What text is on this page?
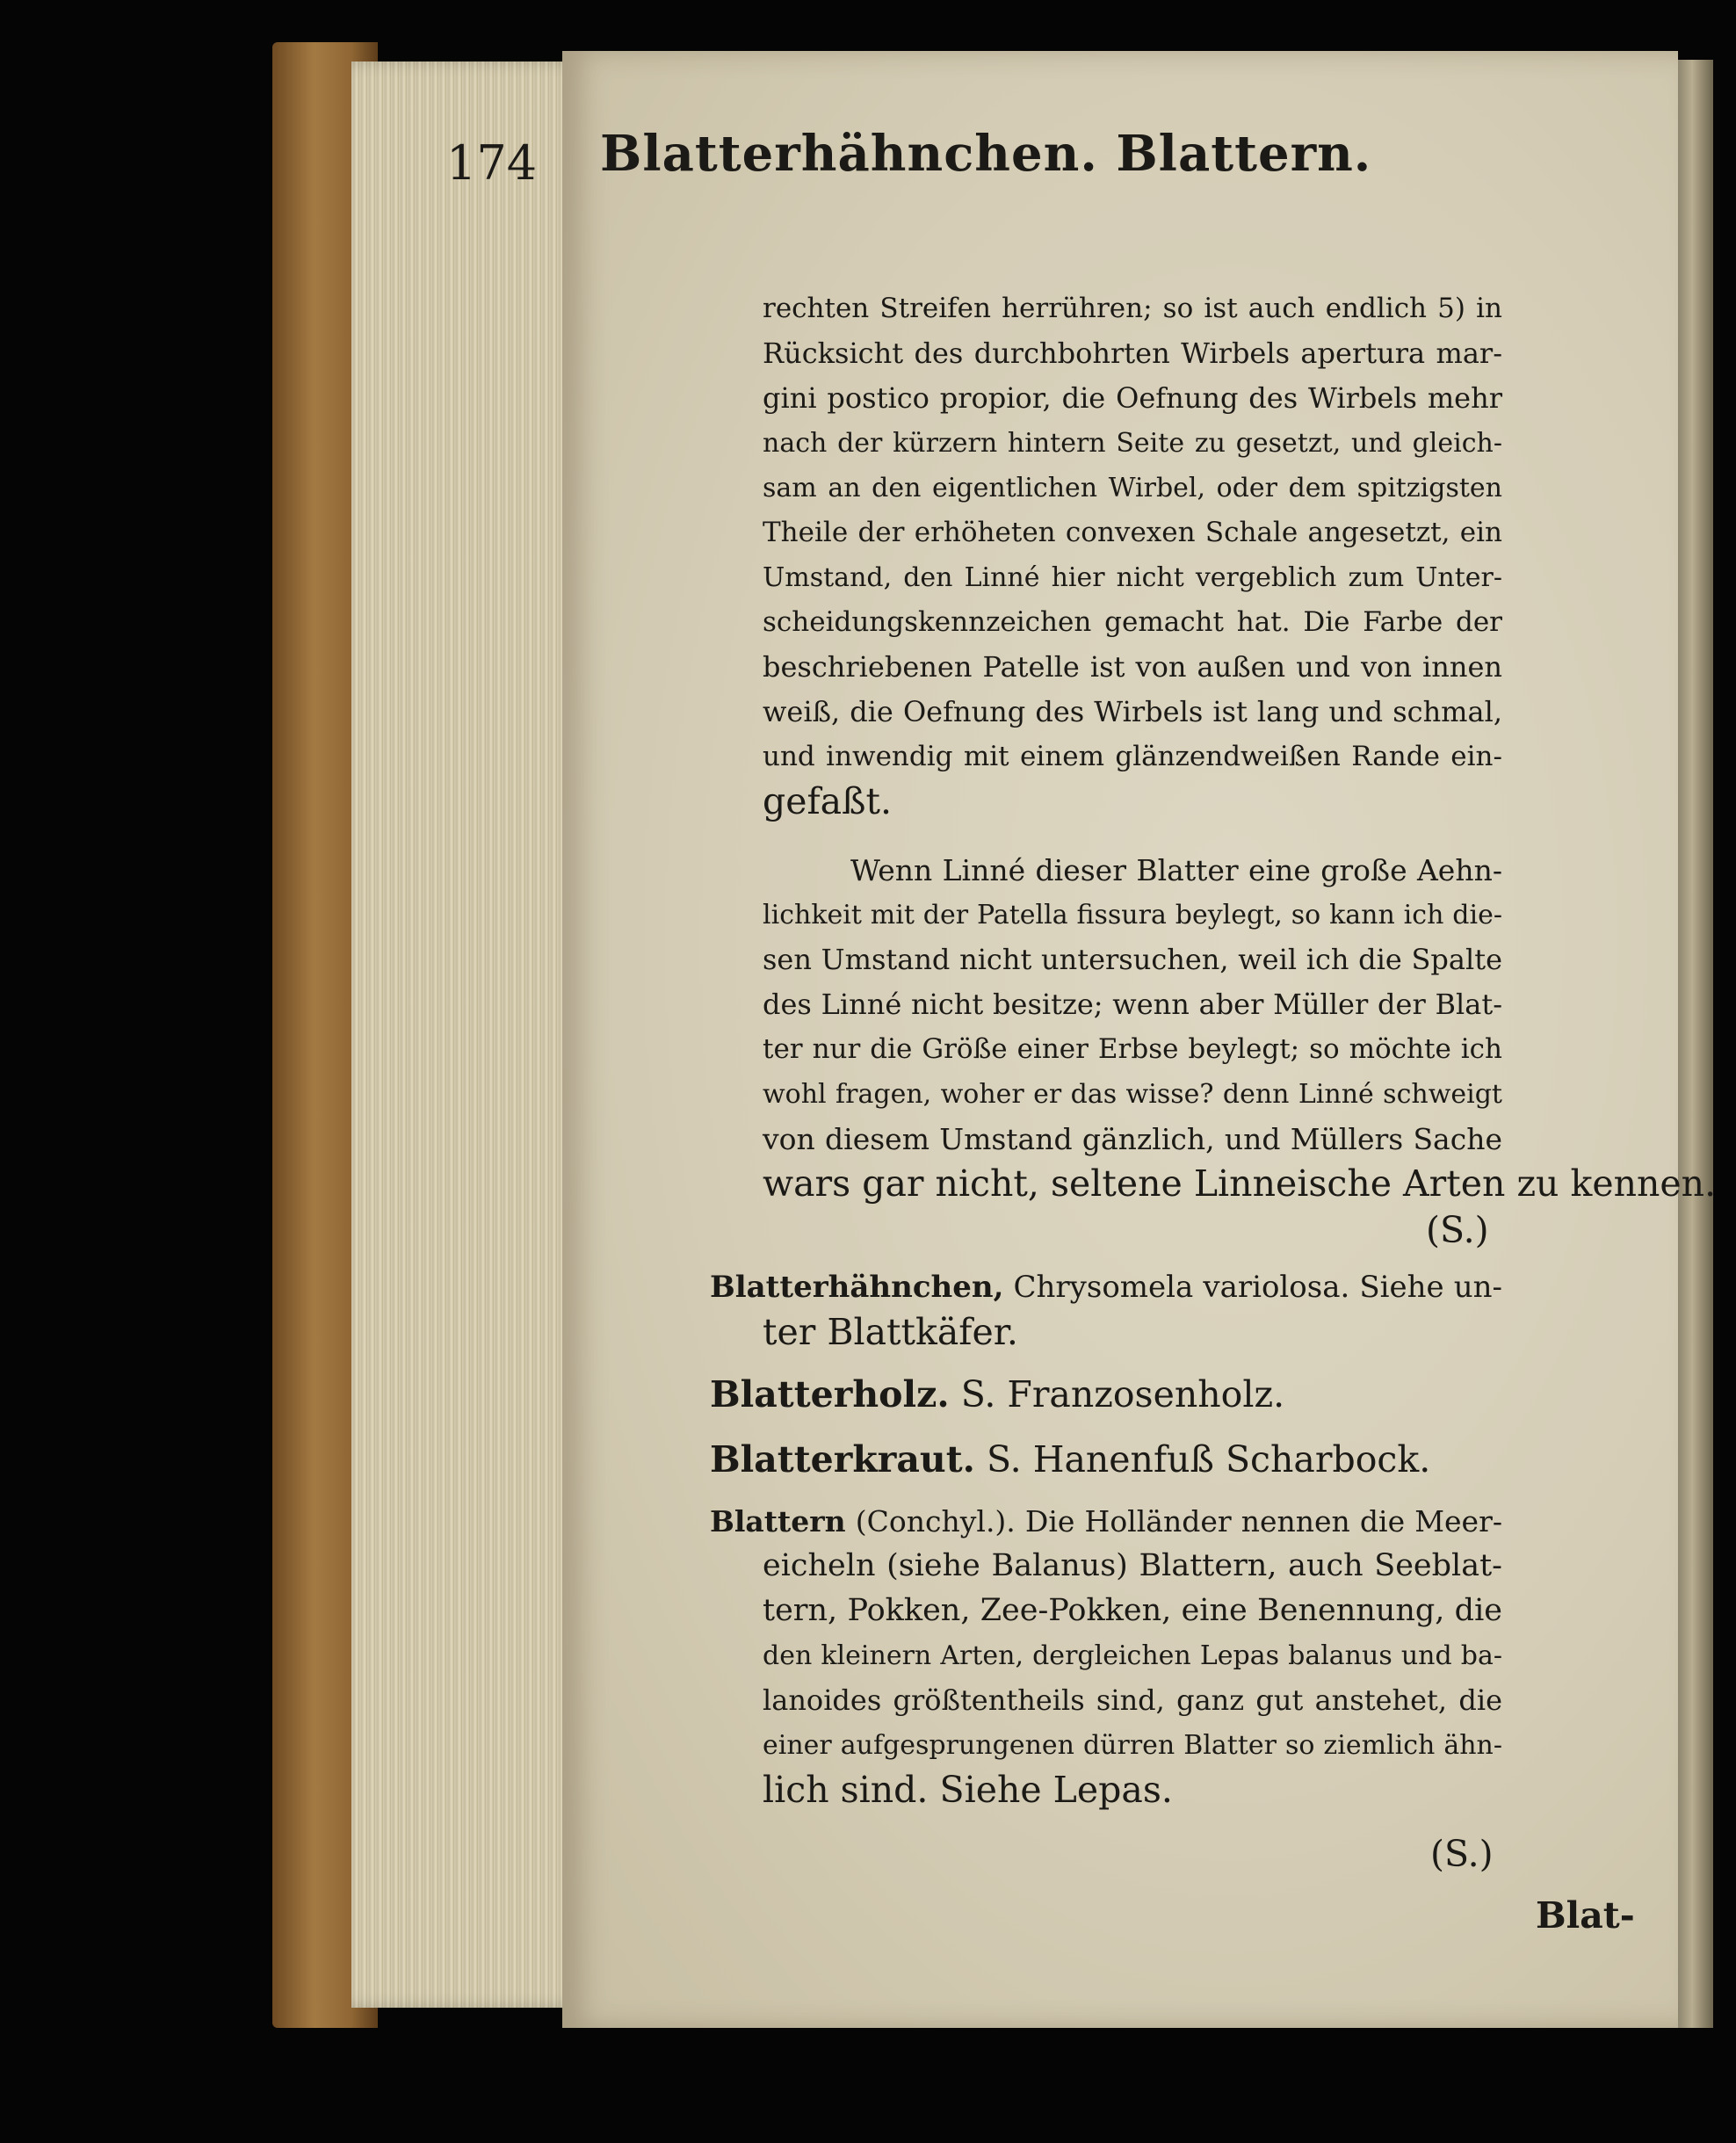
174 Blatterhähnchen. Blattern.
rechten Streifen herrühren; so ist auch endlich 5) in
Rücksicht des durchbohrten Wirbels apertura mar-
gini postico propior, die Oefnung des Wirbels mehr
nach der kürzern hintern Seite zu gesetzt, und gleich-
sam an den eigentlichen Wirbel, oder dem spitzigsten
Theile der erhöheten convexen Schale angesetzt, ein
Umstand, den Linné hier nicht vergeblich zum Unter-
scheidungskennzeichen gemacht hat. Die Farbe der
beschriebenen Patelle ist von außen und von innen
weiß, die Oefnung des Wirbels ist lang und schmal,
und inwendig mit einem glänzendweißen Rande ein-
gefaßt.
Wenn Linné dieser Blatter eine große Aehn-
lichkeit mit der Patella fissura beylegt, so kann ich die-
sen Umstand nicht untersuchen, weil ich die Spalte
des Linné nicht besitze; wenn aber Müller der Blat-
ter nur die Größe einer Erbse beylegt; so möchte ich
wohl fragen, woher er das wisse? denn Linné schweigt
von diesem Umstand gänzlich, und Müllers Sache
wars gar nicht, seltene Linneische Arten zu kennen.
(S.)
Blatterhähnchen, Chrysomela variolosa. Siehe un-
ter Blattkäfer.
Blatterholz. S. Franzosenholz.
Blatterkraut. S. Hanenfuß Scharbock.
Blattern (Conchyl.). Die Holländer nennen die Meer-
eicheln (siehe Balanus) Blattern, auch Seeblat-
tern, Pokken, Zee-Pokken, eine Benennung, die
den kleinern Arten, dergleichen Lepas balanus und ba-
lanoides größtentheils sind, ganz gut anstehet, die
einer aufgesprungenen dürren Blatter so ziemlich ähn-
lich sind. Siehe Lepas.
(S.)
Blat-
